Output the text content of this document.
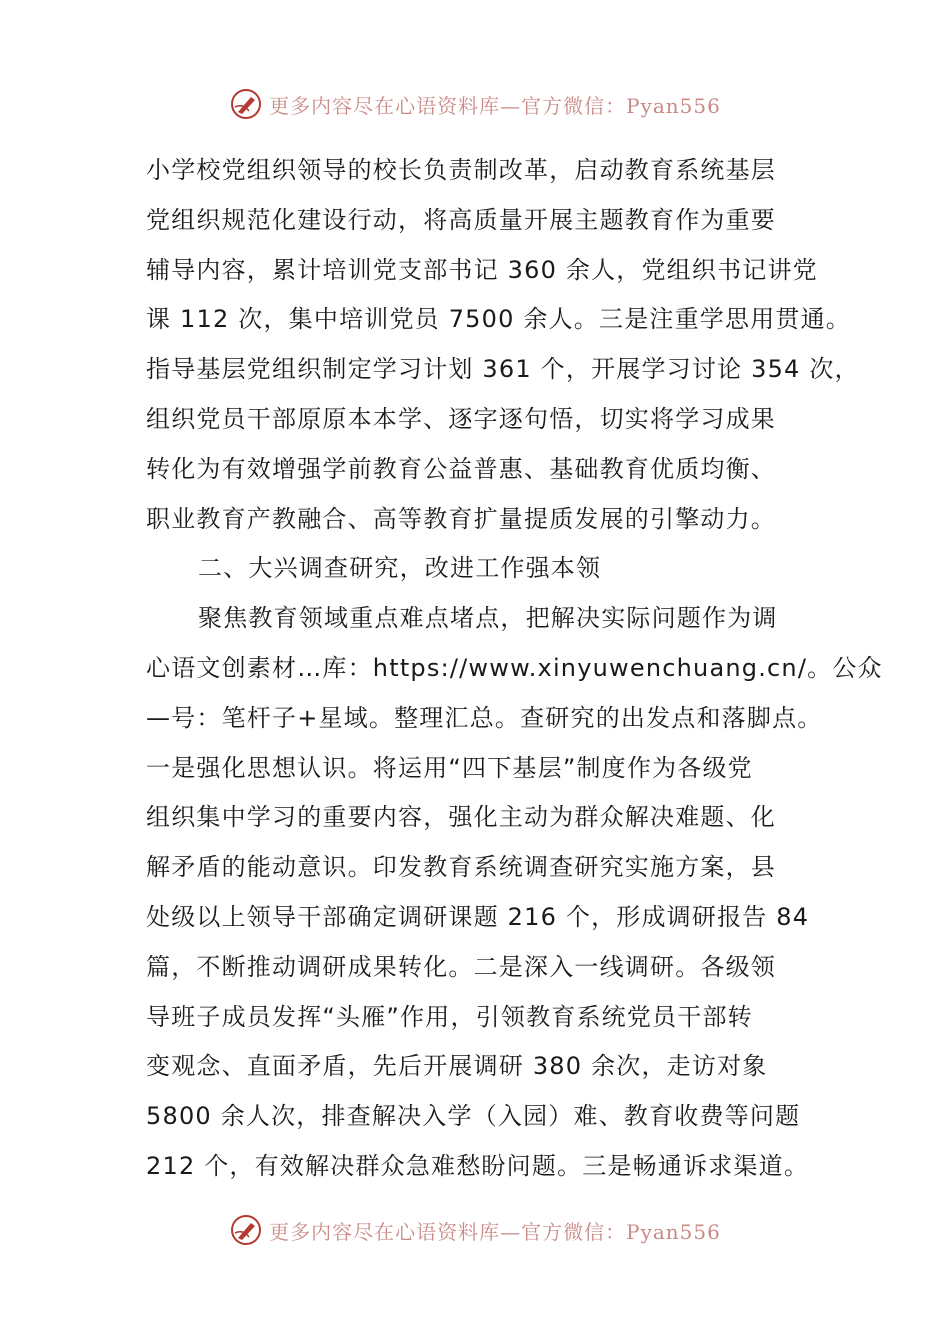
更多内容尽在心语资料库—官方微信：Pyan556

小学校党组织领导的校长负责制改革，启动教育系统基层

党组织规范化建设行动，将高质量开展主题教育作为重要

辅导内容，累计培训党支部书记 360 余人，党组织书记讲党

课 112 次，集中培训党员 7500 余人。三是注重学思用贯通。

指导基层党组织制定学习计划 361 个，开展学习讨论 354 次，

组织党员干部原原本本学、逐字逐句悟，切实将学习成果

转化为有效增强学前教育公益普惠、基础教育优质均衡、

职业教育产教融合、高等教育扩量提质发展的引擎动力。

二、大兴调查研究，改进工作强本领

聚焦教育领域重点难点堵点，把解决实际问题作为调

心语文创素材…库：https://www.xinyuwenchuang.cn/。公众

—号：笔杆子+星域。整理汇总。查研究的出发点和落脚点。

一是强化思想认识。将运用“四下基层”制度作为各级党

组织集中学习的重要内容，强化主动为群众解决难题、化

解矛盾的能动意识。印发教育系统调查研究实施方案，县

处级以上领导干部确定调研课题 216 个，形成调研报告 84

篇，不断推动调研成果转化。二是深入一线调研。各级领

导班子成员发挥“头雁”作用，引领教育系统党员干部转

变观念、直面矛盾，先后开展调研 380 余次，走访对象

5800 余人次，排查解决入学（入园）难、教育收费等问题

212 个，有效解决群众急难愁盼问题。三是畅通诉求渠道。

更多内容尽在心语资料库—官方微信：Pyan556
